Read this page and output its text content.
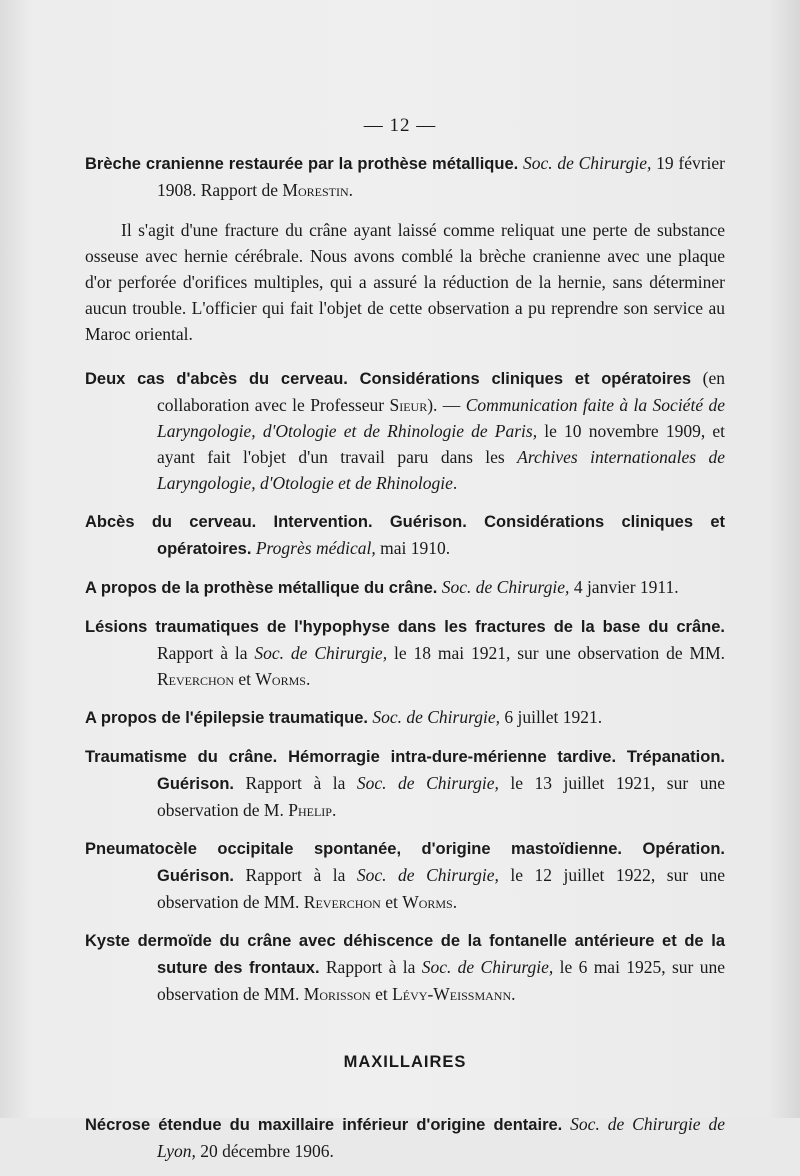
— 12 —
Brèche cranienne restaurée par la prothèse métallique. Soc. de Chirurgie, 19 février 1908. Rapport de Morestin.

Il s'agit d'une fracture du crâne ayant laissé comme reliquat une perte de substance osseuse avec hernie cérébrale. Nous avons comblé la brèche cranienne avec une plaque d'or perforée d'orifices multiples, qui a assuré la réduction de la hernie, sans déterminer aucun trouble. L'officier qui fait l'objet de cette observation a pu reprendre son service au Maroc oriental.

Deux cas d'abcès du cerveau. Considérations cliniques et opératoires (en collaboration avec le Professeur Sieur). — Communication faite à la Société de Laryngologie, d'Otologie et de Rhinologie de Paris, le 10 novembre 1909, et ayant fait l'objet d'un travail paru dans les Archives internationales de Laryngologie, d'Otologie et de Rhinologie.
Abcès du cerveau. Intervention. Guérison. Considérations cliniques et opératoires. Progrès médical, mai 1910.
A propos de la prothèse métallique du crâne. Soc. de Chirurgie, 4 janvier 1911.
Lésions traumatiques de l'hypophyse dans les fractures de la base du crâne. Rapport à la Soc. de Chirurgie, le 18 mai 1921, sur une observation de MM. Reverchon et Worms.
A propos de l'épilepsie traumatique. Soc. de Chirurgie, 6 juillet 1921.
Traumatisme du crâne. Hémorragie intra-dure-mérienne tardive. Trépanation. Guérison. Rapport à la Soc. de Chirurgie, le 13 juillet 1921, sur une observation de M. Phelip.
Pneumatocèle occipitale spontanée, d'origine mastoïdienne. Opération. Guérison. Rapport à la Soc. de Chirurgie, le 12 juillet 1922, sur une observation de MM. Reverchon et Worms.
Kyste dermoïde du crâne avec déhiscence de la fontanelle antérieure et de la suture des frontaux. Rapport à la Soc. de Chirurgie, le 6 mai 1925, sur une observation de MM. Morisson et Lévy-Weissmann.
MAXILLAIRES
Nécrose étendue du maxillaire inférieur d'origine dentaire. Soc. de Chirurgie de Lyon, 20 décembre 1906.
